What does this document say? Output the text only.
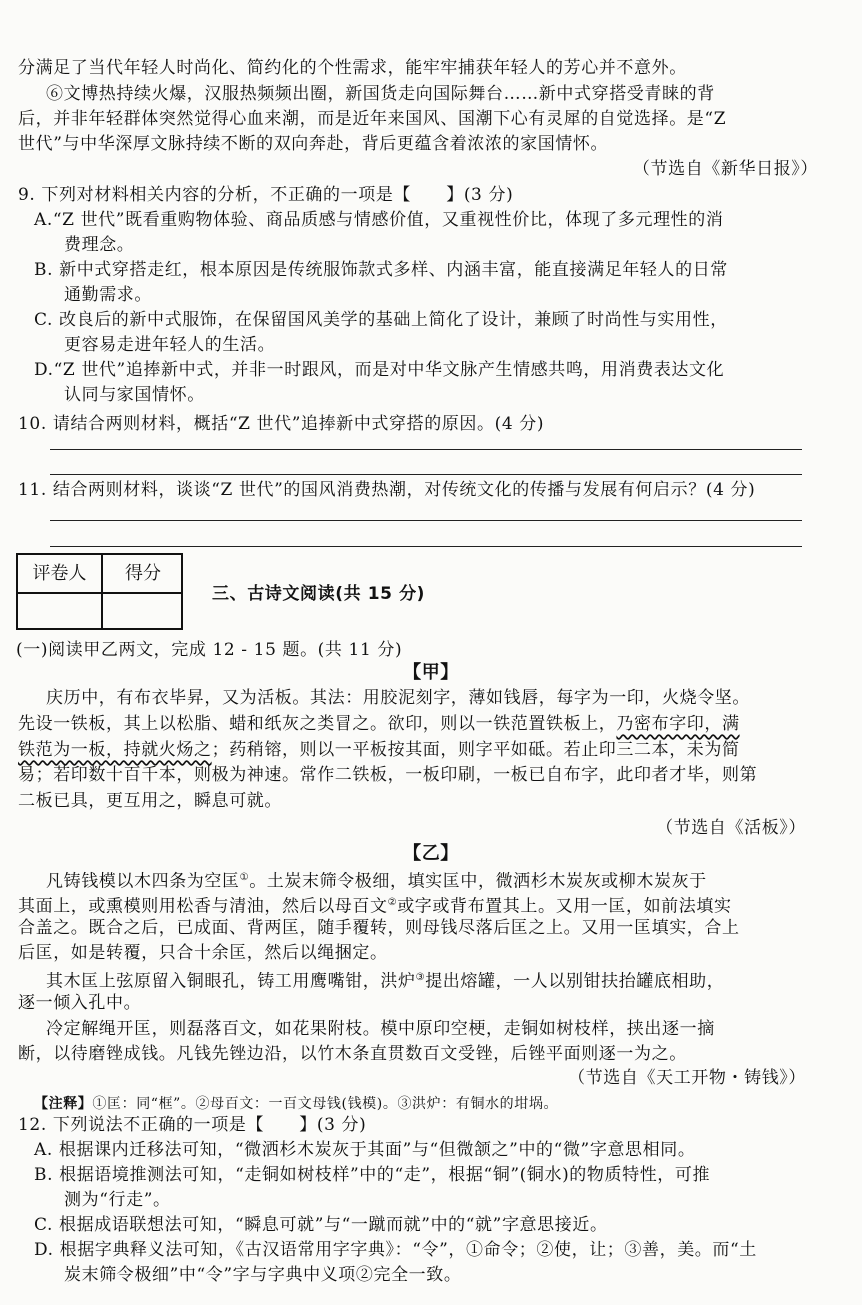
分满足了当代年轻人时尚化、简约化的个性需求，能牢牢捕获年轻人的芳心并不意外。
⑥文博热持续火爆，汉服热频频出圈，新国货走向国际舞台……新中式穿搭受青睐的背
后，并非年轻群体突然觉得心血来潮，而是近年来国风、国潮下心有灵犀的自觉选择。是“Z
世代”与中华深厚文脉持续不断的双向奔赴，背后更蕴含着浓浓的家国情怀。
（节选自《新华日报》）
9. 下列对材料相关内容的分析，不正确的一项是【　　】(3 分)
A.“Z 世代”既看重购物体验、商品质感与情感价值，又重视性价比，体现了多元理性的消
费理念。
B. 新中式穿搭走红，根本原因是传统服饰款式多样、内涵丰富，能直接满足年轻人的日常
通勤需求。
C. 改良后的新中式服饰，在保留国风美学的基础上简化了设计，兼顾了时尚性与实用性，
更容易走进年轻人的生活。
D.“Z 世代”追捧新中式，并非一时跟风，而是对中华文脉产生情感共鸣，用消费表达文化
认同与家国情怀。
10. 请结合两则材料，概括“Z 世代”追捧新中式穿搭的原因。(4 分)
11. 结合两则材料，谈谈“Z 世代”的国风消费热潮，对传统文化的传播与发展有何启示？(4 分)
评卷人	得分
三、古诗文阅读(共 15 分)
(一)阅读甲乙两文，完成 12 - 15 题。(共 11 分)
【甲】
庆历中，有布衣毕昇，又为活板。其法：用胶泥刻字，薄如钱唇，每字为一印，火烧令坚。
先设一铁板，其上以松脂、蜡和纸灰之类冒之。欲印，则以一铁范置铁板上，乃密布字印，满
铁范为一板，持就火炀之；药稍镕，则以一平板按其面，则字平如砥。若止印三二本，未为简
易；若印数十百千本，则极为神速。常作二铁板，一板印刷，一板已自布字，此印者才毕，则第
二板已具，更互用之，瞬息可就。
（节选自《活板》）
【乙】
凡铸钱模以木四条为空匡①。土炭末筛令极细，填实匡中，微洒杉木炭灰或柳木炭灰于
其面上，或熏模则用松香与清油，然后以母百文②或字或背布置其上。又用一匡，如前法填实
合盖之。既合之后，已成面、背两匡，随手覆转，则母钱尽落后匡之上。又用一匡填实，合上
后匡，如是转覆，只合十余匡，然后以绳捆定。
其木匡上弦原留入铜眼孔，铸工用鹰嘴钳，洪炉③提出熔罐，一人以别钳扶抬罐底相助，
逐一倾入孔中。
冷定解绳开匡，则磊落百文，如花果附枝。模中原印空梗，走铜如树枝样，挟出逐一摘
断，以待磨锉成钱。凡钱先锉边沿，以竹木条直贯数百文受锉，后锉平面则逐一为之。
（节选自《天工开物・铸钱》）
【注释】①匡：同“框”。②母百文：一百文母钱(钱模)。③洪炉：有铜水的坩埚。
12. 下列说法不正确的一项是【　　】(3 分)
A. 根据课内迁移法可知，“微洒杉木炭灰于其面”与“但微颔之”中的“微”字意思相同。
B. 根据语境推测法可知，“走铜如树枝样”中的“走”，根据“铜”(铜水)的物质特性，可推
测为“行走”。
C. 根据成语联想法可知，“瞬息可就”与“一蹴而就”中的“就”字意思接近。
D. 根据字典释义法可知，《古汉语常用字字典》：“令”，①命令；②使，让；③善，美。而“土
炭末筛令极细”中“令”字与字典中义项②完全一致。
